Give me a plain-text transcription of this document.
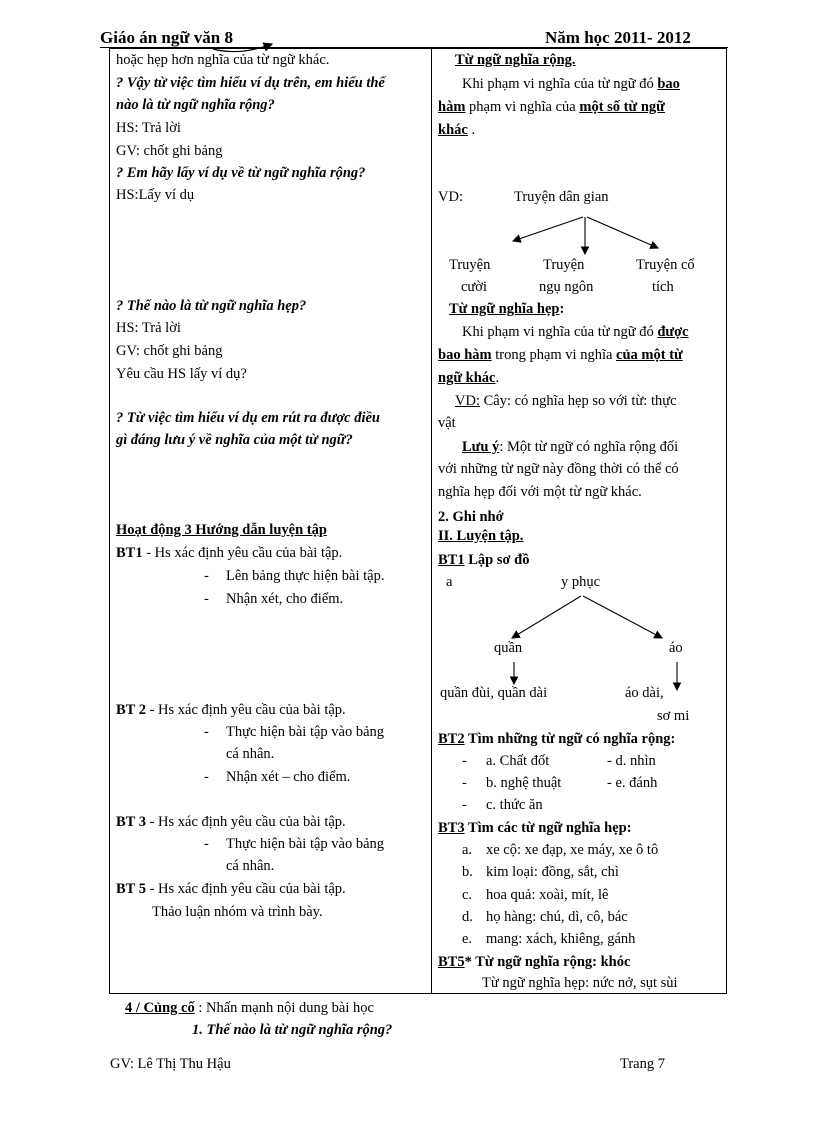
Giáo án ngữ văn 8	Năm học 2011- 2012
hoặc hẹp hơn nghĩa của từ ngữ khác.
? Vậy từ việc tìm hiểu ví dụ trên, em hiểu thế
nào là từ ngữ nghĩa rộng?
HS: Trả lời
GV: chốt ghi bảng
? Em hãy lấy ví dụ về từ ngữ nghĩa rộng?
HS:Lấy ví dụ
? Thế nào là từ ngữ nghĩa hẹp?
HS: Trả lời
GV: chốt ghi bảng
Yêu cầu HS lấy ví dụ?
? Từ việc tìm hiểu ví dụ em rút ra được điều
gì đáng lưu ý về nghĩa của một từ ngữ?
Hoạt động 3 Hướng dẫn luyện tập
BT1 - Hs xác định yêu cầu của bài tập.
- Lên bảng thực hiện bài tập.
- Nhận xét, cho điểm.
BT 2 - Hs xác định yêu cầu của bài tập.
- Thực hiện bài tập vào bảng
cá nhân.
- Nhận xét – cho điểm.
BT 3 - Hs xác định yêu cầu của bài tập.
- Thực hiện bài tập vào bảng
cá nhân.
BT 5 - Hs xác định yêu cầu của bài tập.
Thảo luận nhóm và trình bày.
Từ ngữ nghĩa rộng.
Khi phạm vi nghĩa của từ ngữ đó bao
hàm phạm vi nghĩa của một số từ ngữ
khác .
VD:	Truyện dân gian
Truyện
cười
Truyện
ngụ ngôn
Truyện cổ
tích
Từ ngữ nghĩa hẹp:
Khi phạm vi nghĩa của từ ngữ đó được
bao hàm trong phạm vi nghĩa của một từ
ngữ khác.
VD: Cây: có nghĩa hẹp so với từ: thực
vật
Lưu ý: Một từ ngữ có nghĩa rộng đối
với những từ ngữ này đồng thời có thể có
nghĩa hẹp đối với một từ ngữ khác.
2. Ghi nhớ
II. Luyện tập.
BT1 Lập sơ đồ
a	y phục
quần	áo
quần đùi, quần dài	áo dài,
sơ mi
BT2 Tìm những từ ngữ có nghĩa rộng:
- a. Chất đốt	- d. nhìn
- b. nghệ thuật	- e. đánh
- c. thức ăn
BT3 Tìm các từ ngữ nghĩa hẹp:
a. xe cộ: xe đạp, xe máy, xe ô tô
b. kim loại: đồng, sắt, chì
c. hoa quả: xoài, mít, lê
d. họ hàng: chú, dì, cô, bác
e. mang: xách, khiêng, gánh
BT5* Từ ngữ nghĩa rộng: khóc
Từ ngữ nghĩa hẹp: nức nở, sụt sùi
4 / Củng cố : Nhấn mạnh nội dung bài học
1. Thế nào là từ ngữ nghĩa rộng?
GV: Lê Thị Thu Hậu	Trang 7
